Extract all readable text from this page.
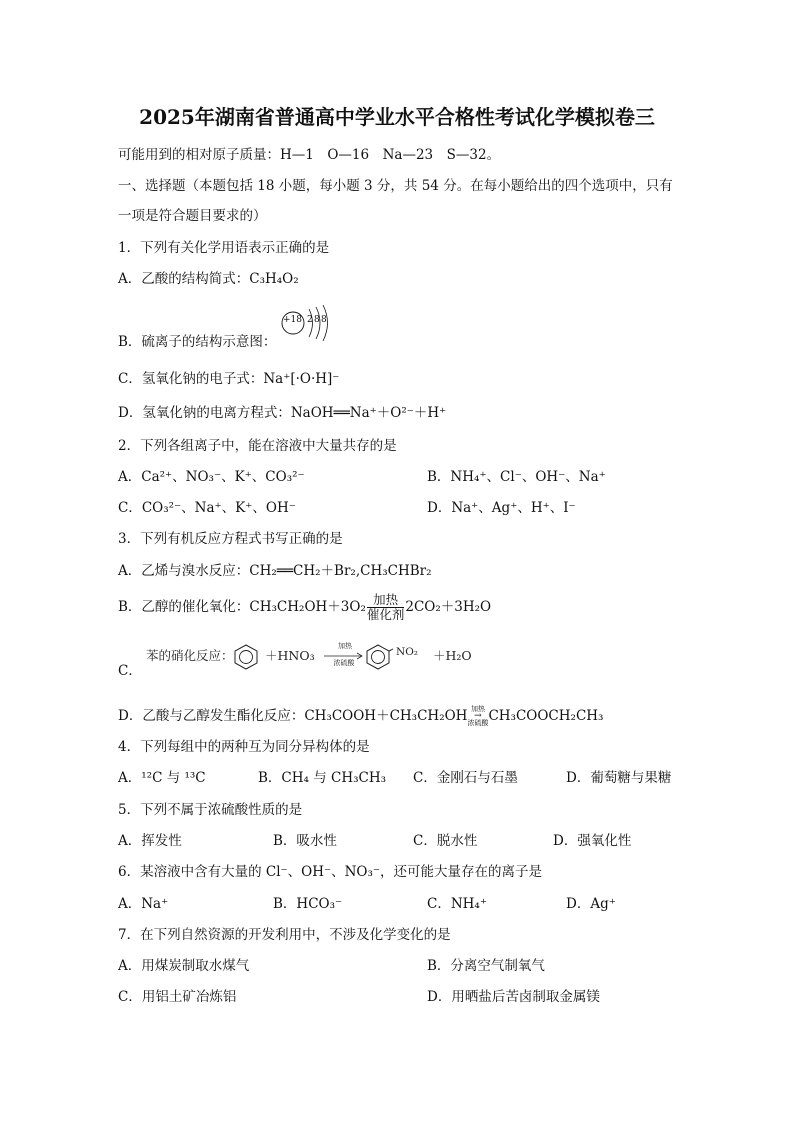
2025年湖南省普通高中学业水平合格性考试化学模拟卷三
可能用到的相对原子质量：H—1　O—16　Na—23　S—32。
一、选择题（本题包括 18 小题，每小题 3 分，共 54 分。在每小题给出的四个选项中，只有
一项是符合题目要求的）
1．下列有关化学用语表示正确的是
A．乙酸的结构简式：C₃H₄O₂
+18 2 8 8
B．硫离子的结构示意图：
C．氢氧化钠的电子式：Na⁺[·O·H]⁻
D．氢氧化钠的电离方程式：NaOH══Na⁺＋O²⁻＋H⁺
2．下列各组离子中，能在溶液中大量共存的是
A．Ca²⁺、NO₃⁻、K⁺、CO₃²⁻	B．NH₄⁺、Cl⁻、OH⁻、Na⁺
C．CO₃²⁻、Na⁺、K⁺、OH⁻	D．Na⁺、Ag⁺、H⁺、I⁻
3．下列有机反应方程式书写正确的是
A．乙烯与溴水反应：CH₂══CH₂＋Br₂,CH₃CHBr₂
B．乙醇的催化氧化：CH₃CH₂OH＋3O₂ 加热
催化剂 2CO₂＋3H₂O
苯的硝化反应：	＋HNO₃
加热
浓硫酸
NO₂ ＋H₂O
C．
D．乙酸与乙醇发生酯化反应：CH₃COOH＋CH₃CH₂OH 加热
→
浓硫酸 CH₃COOCH₂CH₃
4．下列每组中的两种互为同分异构体的是
A．¹²C 与 ¹³C	B．CH₄ 与 CH₃CH₃ C．金刚石与石墨	D．葡萄糖与果糖
5．下列不属于浓硫酸性质的是
A．挥发性	B．吸水性	C．脱水性	D．强氧化性
6．某溶液中含有大量的 Cl⁻、OH⁻、NO₃⁻，还可能大量存在的离子是
A．Na⁺	B．HCO₃⁻	C．NH₄⁺	D．Ag⁺
7．在下列自然资源的开发利用中，不涉及化学变化的是
A．用煤炭制取水煤气	B．分离空气制氧气
C．用铝土矿冶炼铝	D．用晒盐后苦卤制取金属镁
